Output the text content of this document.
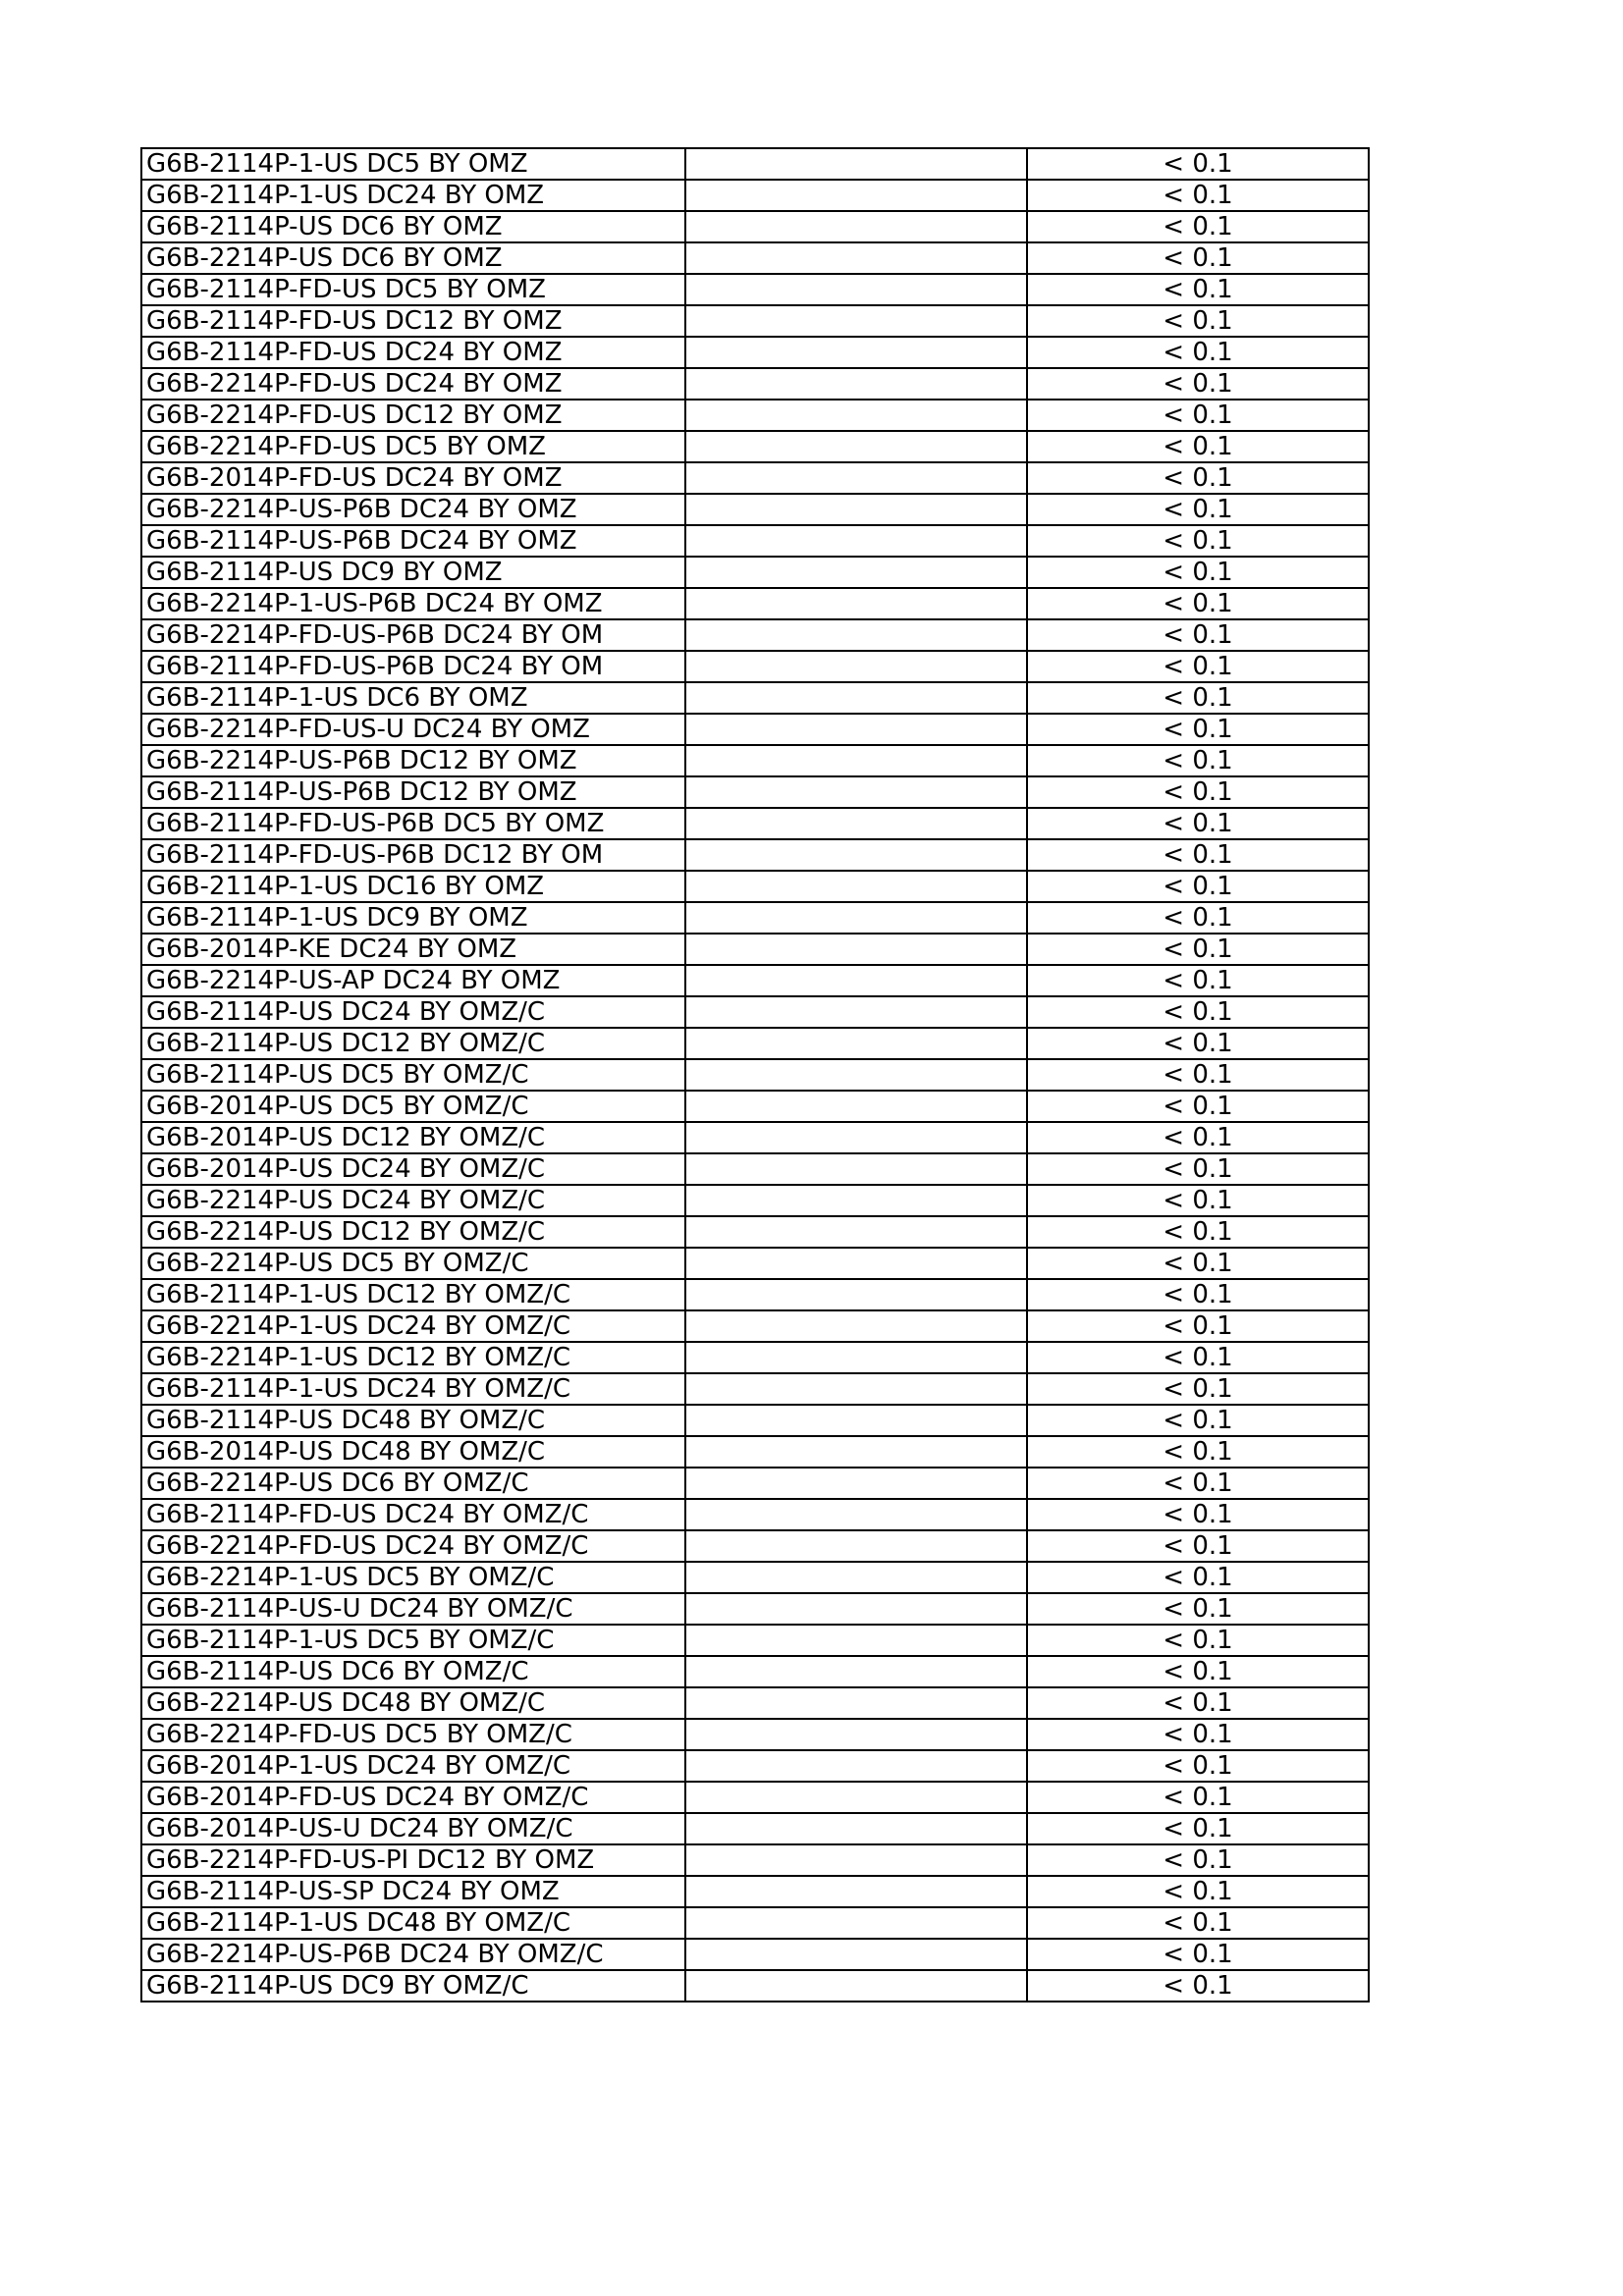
G6B-2114P-1-US DC5 BY OMZ		< 0.1
G6B-2114P-1-US DC24 BY OMZ		< 0.1
G6B-2114P-US DC6 BY OMZ		< 0.1
G6B-2214P-US DC6 BY OMZ		< 0.1
G6B-2114P-FD-US DC5 BY OMZ		< 0.1
G6B-2114P-FD-US DC12 BY OMZ		< 0.1
G6B-2114P-FD-US DC24 BY OMZ		< 0.1
G6B-2214P-FD-US DC24 BY OMZ		< 0.1
G6B-2214P-FD-US DC12 BY OMZ		< 0.1
G6B-2214P-FD-US DC5 BY OMZ		< 0.1
G6B-2014P-FD-US DC24 BY OMZ		< 0.1
G6B-2214P-US-P6B DC24 BY OMZ		< 0.1
G6B-2114P-US-P6B DC24 BY OMZ		< 0.1
G6B-2114P-US DC9 BY OMZ		< 0.1
G6B-2214P-1-US-P6B DC24 BY OMZ		< 0.1
G6B-2214P-FD-US-P6B DC24 BY OM		< 0.1
G6B-2114P-FD-US-P6B DC24 BY OM		< 0.1
G6B-2114P-1-US DC6 BY OMZ		< 0.1
G6B-2214P-FD-US-U DC24 BY OMZ		< 0.1
G6B-2214P-US-P6B DC12 BY OMZ		< 0.1
G6B-2114P-US-P6B DC12 BY OMZ		< 0.1
G6B-2114P-FD-US-P6B DC5 BY OMZ		< 0.1
G6B-2114P-FD-US-P6B DC12 BY OM		< 0.1
G6B-2114P-1-US DC16 BY OMZ		< 0.1
G6B-2114P-1-US DC9 BY OMZ		< 0.1
G6B-2014P-KE DC24 BY OMZ		< 0.1
G6B-2214P-US-AP DC24 BY OMZ		< 0.1
G6B-2114P-US DC24 BY OMZ/C		< 0.1
G6B-2114P-US DC12 BY OMZ/C		< 0.1
G6B-2114P-US DC5 BY OMZ/C		< 0.1
G6B-2014P-US DC5 BY OMZ/C		< 0.1
G6B-2014P-US DC12 BY OMZ/C		< 0.1
G6B-2014P-US DC24 BY OMZ/C		< 0.1
G6B-2214P-US DC24 BY OMZ/C		< 0.1
G6B-2214P-US DC12 BY OMZ/C		< 0.1
G6B-2214P-US DC5 BY OMZ/C		< 0.1
G6B-2114P-1-US DC12 BY OMZ/C		< 0.1
G6B-2214P-1-US DC24 BY OMZ/C		< 0.1
G6B-2214P-1-US DC12 BY OMZ/C		< 0.1
G6B-2114P-1-US DC24 BY OMZ/C		< 0.1
G6B-2114P-US DC48 BY OMZ/C		< 0.1
G6B-2014P-US DC48 BY OMZ/C		< 0.1
G6B-2214P-US DC6 BY OMZ/C		< 0.1
G6B-2114P-FD-US DC24 BY OMZ/C		< 0.1
G6B-2214P-FD-US DC24 BY OMZ/C		< 0.1
G6B-2214P-1-US DC5 BY OMZ/C		< 0.1
G6B-2114P-US-U DC24 BY OMZ/C		< 0.1
G6B-2114P-1-US DC5 BY OMZ/C		< 0.1
G6B-2114P-US DC6 BY OMZ/C		< 0.1
G6B-2214P-US DC48 BY OMZ/C		< 0.1
G6B-2214P-FD-US DC5 BY OMZ/C		< 0.1
G6B-2014P-1-US DC24 BY OMZ/C		< 0.1
G6B-2014P-FD-US DC24 BY OMZ/C		< 0.1
G6B-2014P-US-U DC24 BY OMZ/C		< 0.1
G6B-2214P-FD-US-PI DC12 BY OMZ		< 0.1
G6B-2114P-US-SP DC24 BY OMZ		< 0.1
G6B-2114P-1-US DC48 BY OMZ/C		< 0.1
G6B-2214P-US-P6B DC24 BY OMZ/C		< 0.1
G6B-2114P-US DC9 BY OMZ/C		< 0.1
